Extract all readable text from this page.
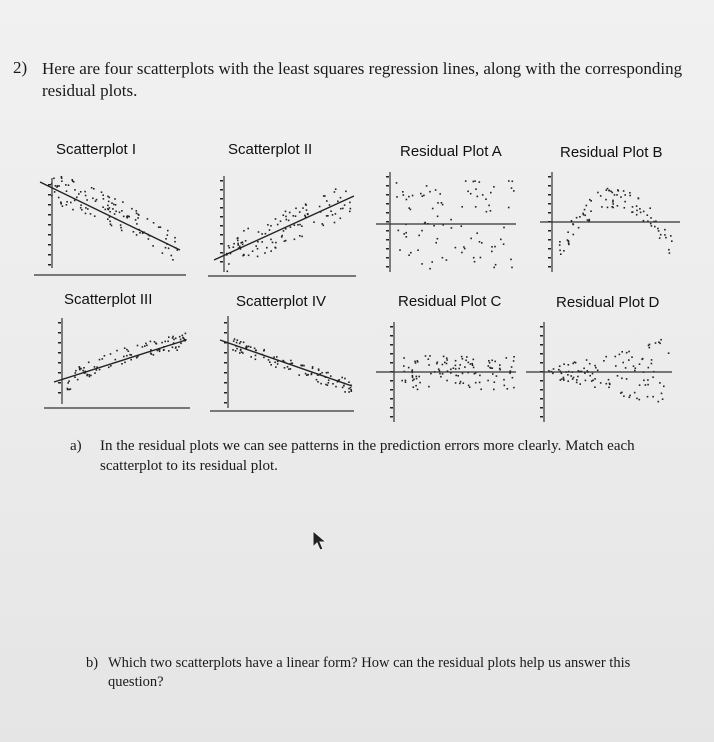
2) Here are four scatterplots with the least squares regression lines, along with the corresponding residual plots.
Scatterplot I	Scatterplot II	Residual Plot A	Residual Plot B
Scatterplot III	Scatterplot IV	Residual Plot C	Residual Plot D
a) In the residual plots we can see patterns in the prediction errors more clearly. Match each scatterplot to its residual plot.
b) Which two scatterplots have a linear form? How can the residual plots help us answer this question?
